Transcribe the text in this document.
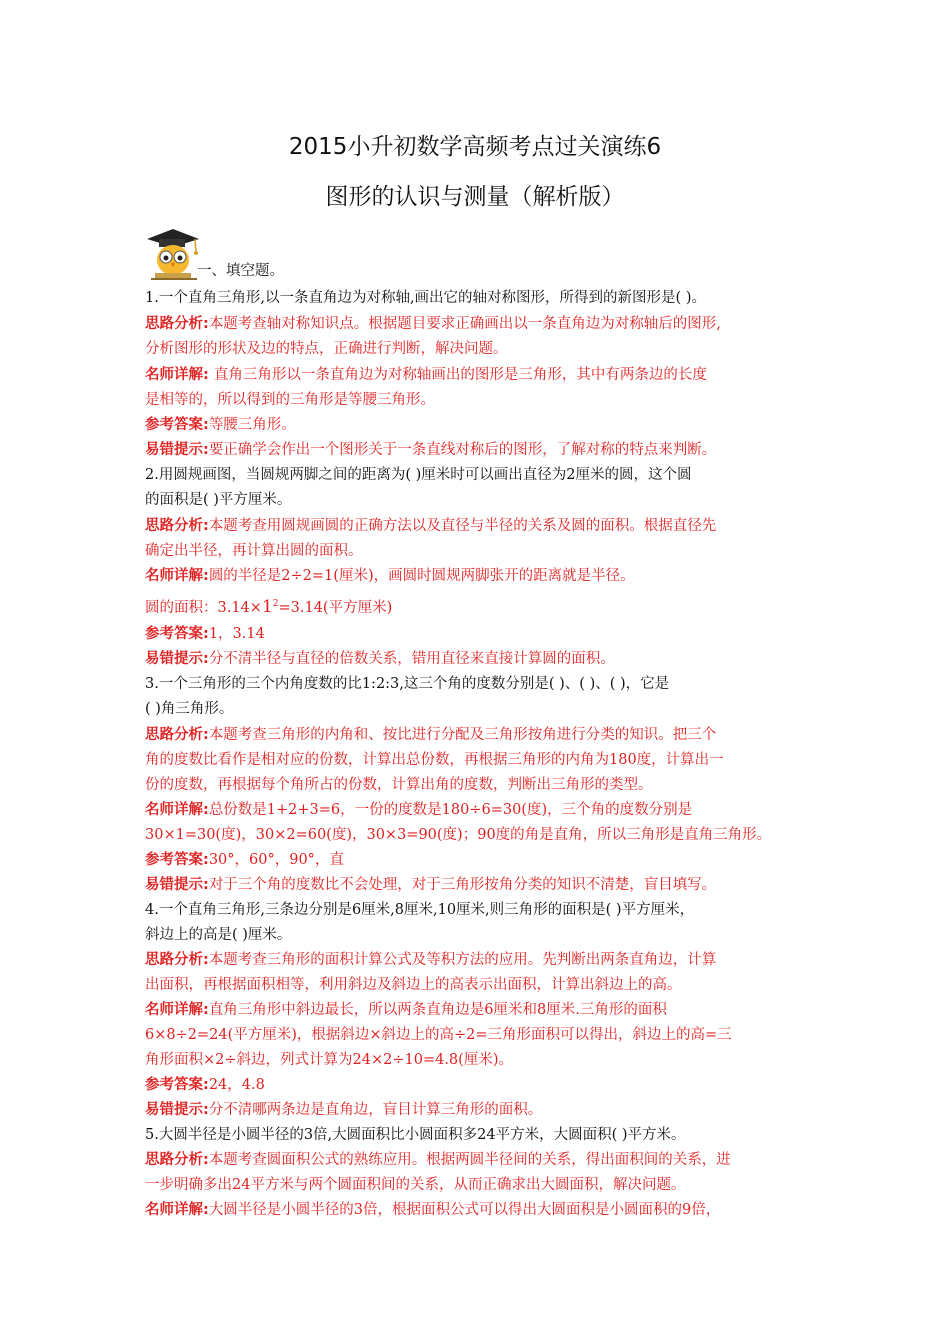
2015小升初数学高频考点过关演练6
图形的认识与测量（解析版）
一、填空题。
1.一个直角三角形,以一条直角边为对称轴,画出它的轴对称图形，所得到的新图形是( )。
思路分析:本题考查轴对称知识点。根据题目要求正确画出以一条直角边为对称轴后的图形,
分析图形的形状及边的特点，正确进行判断，解决问题。
名师详解: 直角三角形以一条直角边为对称轴画出的图形是三角形，其中有两条边的长度
是相等的，所以得到的三角形是等腰三角形。
参考答案:等腰三角形。
易错提示:要正确学会作出一个图形关于一条直线对称后的图形，了解对称的特点来判断。
2.用圆规画图，当圆规两脚之间的距离为( )厘米时可以画出直径为2厘米的圆，这个圆
的面积是( )平方厘米。
思路分析:本题考查用圆规画圆的正确方法以及直径与半径的关系及圆的面积。根据直径先
确定出半径，再计算出圆的面积。
名师详解:圆的半径是2÷2=1(厘米)，画圆时圆规两脚张开的距离就是半径。
圆的面积：$3.14\times 1^2=3.14$(平方厘米)
参考答案:1，3.14
易错提示:分不清半径与直径的倍数关系，错用直径来直接计算圆的面积。
3.一个三角形的三个内角度数的比1:2:3,这三个角的度数分别是( )、( )、( )，它是
( )角三角形。
思路分析:本题考查三角形的内角和、按比进行分配及三角形按角进行分类的知识。把三个
角的度数比看作是相对应的份数，计算出总份数，再根据三角形的内角为180度，计算出一
份的度数，再根据每个角所占的份数，计算出角的度数，判断出三角形的类型。
名师详解:总份数是1+2+3=6，一份的度数是180÷6=30(度)，三个角的度数分别是
30×1=30(度)，30×2=60(度)，30×3=90(度)；90度的角是直角，所以三角形是直角三角形。
参考答案:30°，60°，90°，直
易错提示:对于三个角的度数比不会处理，对于三角形按角分类的知识不清楚，盲目填写。
4.一个直角三角形,三条边分别是6厘米,8厘米,10厘米,则三角形的面积是( )平方厘米，
斜边上的高是( )厘米。
思路分析:本题考查三角形的面积计算公式及等积方法的应用。先判断出两条直角边，计算
出面积，再根据面积相等，利用斜边及斜边上的高表示出面积，计算出斜边上的高。
名师详解:直角三角形中斜边最长，所以两条直角边是6厘米和8厘米.三角形的面积
6×8÷2=24(平方厘米)，根据斜边×斜边上的高÷2=三角形面积可以得出，斜边上的高=三
角形面积×2÷斜边，列式计算为24×2÷10=4.8(厘米)。
参考答案:24，4.8
易错提示:分不清哪两条边是直角边，盲目计算三角形的面积。
5.大圆半径是小圆半径的3倍,大圆面积比小圆面积多24平方米，大圆面积( )平方米。
思路分析:本题考查圆面积公式的熟练应用。根据两圆半径间的关系，得出面积间的关系，进
一步明确多出24平方米与两个圆面积间的关系，从而正确求出大圆面积，解决问题。
名师详解:大圆半径是小圆半径的3倍，根据面积公式可以得出大圆面积是小圆面积的9倍，
